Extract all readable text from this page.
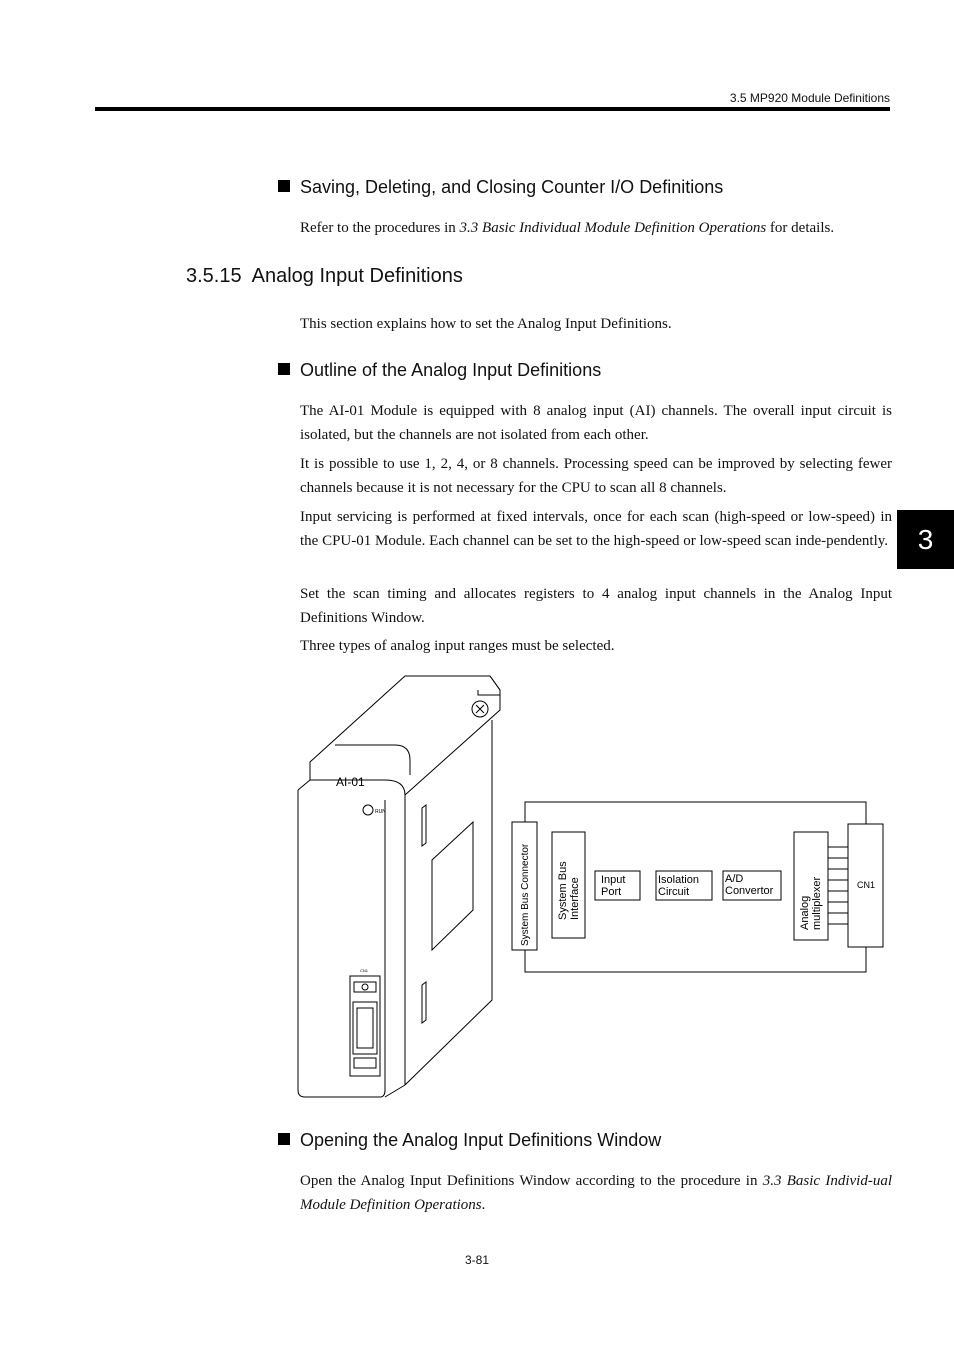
3.5 MP920 Module Definitions
Saving, Deleting, and Closing Counter I/O Definitions
Refer to the procedures in 3.3 Basic Individual Module Definition Operations for details.
3.5.15 Analog Input Definitions
This section explains how to set the Analog Input Definitions.
Outline of the Analog Input Definitions
The AI-01 Module is equipped with 8 analog input (AI) channels. The overall input circuit is isolated, but the channels are not isolated from each other.
It is possible to use 1, 2, 4, or 8 channels. Processing speed can be improved by selecting fewer channels because it is not necessary for the CPU to scan all 8 channels.
Input servicing is performed at fixed intervals, once for each scan (high-speed or low-speed) in the CPU-01 Module. Each channel can be set to the high-speed or low-speed scan inde-pendently.
Set the scan timing and allocates registers to 4 analog input channels in the Analog Input Definitions Window.
Three types of analog input ranges must be selected.
3
AI-01
RUN
CN1
System Bus Connector System Bus Interface Input
Port
Isolation
Circuit
A/D
Convertor
Analog multiplexer	CN1
Opening the Analog Input Definitions Window
Open the Analog Input Definitions Window according to the procedure in 3.3 Basic Individ-ual Module Definition Operations.
3-81
